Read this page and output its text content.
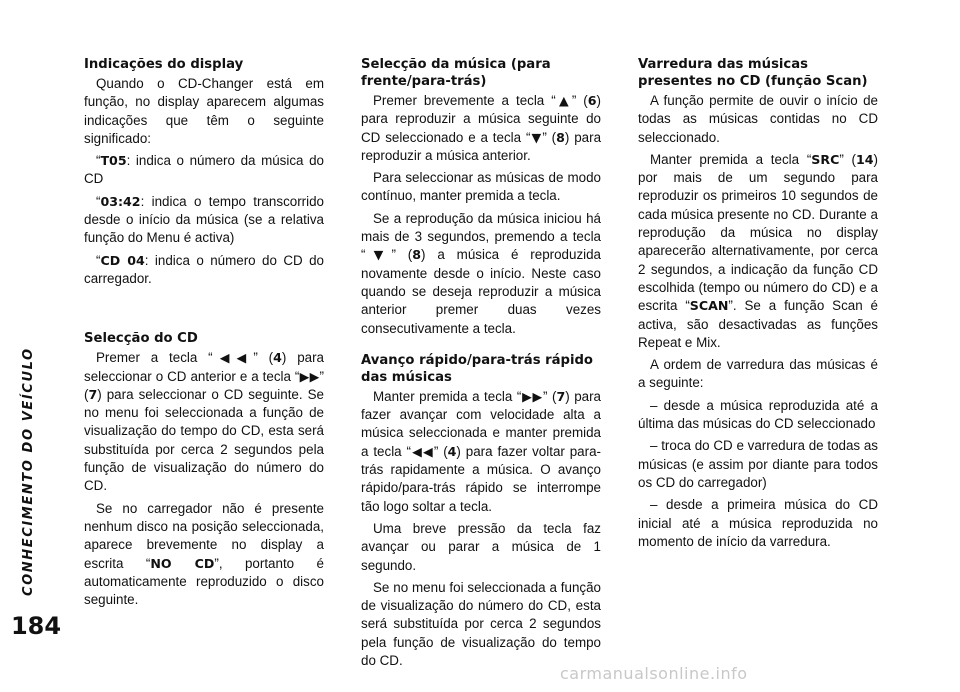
CONHECIMENTO DO VEÍCULO
184
Indicações do display

Quando o CD-Changer está em função, no display aparecem algumas indicações que têm o seguinte significado:

“T05: indica o número da música do CD

“03:42: indica o tempo transcorrido desde o início da música (se a relativa função do Menu é activa)

“CD 04: indica o número do CD do carregador.

Selecção do CD

Premer a tecla “◀◀” (4) para seleccionar o CD anterior e a tecla “▶▶” (7) para seleccionar o CD seguinte. Se no menu foi seleccionada a função de visualização do tempo do CD, esta será substituída por cerca 2 segundos pela função de visualização do número do CD.

Se no carregador não é presente nenhum disco na posição seleccionada, aparece brevemente no display a escrita “NO CD”, portanto é automaticamente reproduzido o disco seguinte.

Selecção da música (para frente/para-trás)

Premer brevemente a tecla “▲” (6) para reproduzir a música seguinte do CD seleccionado e a tecla “▼” (8) para reproduzir a música anterior.

Para seleccionar as músicas de modo contínuo, manter premida a tecla.

Se a reprodução da música iniciou há mais de 3 segundos, premendo a tecla “▼” (8) a música é reproduzida novamente desde o início. Neste caso quando se deseja reproduzir a música anterior premer duas vezes consecutivamente a tecla.

Avanço rápido/para-trás rápido das músicas

Manter premida a tecla “▶▶” (7) para fazer avançar com velocidade alta a música seleccionada e manter premida a tecla “◀◀” (4) para fazer voltar para-trás rapidamente a música. O avanço rápido/para-trás rápido se interrompe tão logo soltar a tecla.

Uma breve pressão da tecla faz avançar ou parar a música de 1 segundo.

Se no menu foi seleccionada a função de visualização do número do CD, esta será substituída por cerca 2 segundos pela função de visualização do tempo do CD.

Varredura das músicas presentes no CD (função Scan)

A função permite de ouvir o início de todas as músicas contidas no CD seleccionado.

Manter premida a tecla “SRC” (14) por mais de um segundo para reproduzir os primeiros 10 segundos de cada música presente no CD. Durante a reprodução da música no display aparecerão alternativamente, por cerca 2 segundos, a indicação da função CD escolhida (tempo ou número do CD) e a escrita “SCAN”. Se a função Scan é activa, são desactivadas as funções Repeat e Mix.

A ordem de varredura das músicas é a seguinte:

– desde a música reproduzida até a última das músicas do CD seleccionado

– troca do CD e varredura de todas as músicas (e assim por diante para todos os CD do carregador)

– desde a primeira música do CD inicial até a música reproduzida no momento de início da varredura.

carmanualsonline.info
